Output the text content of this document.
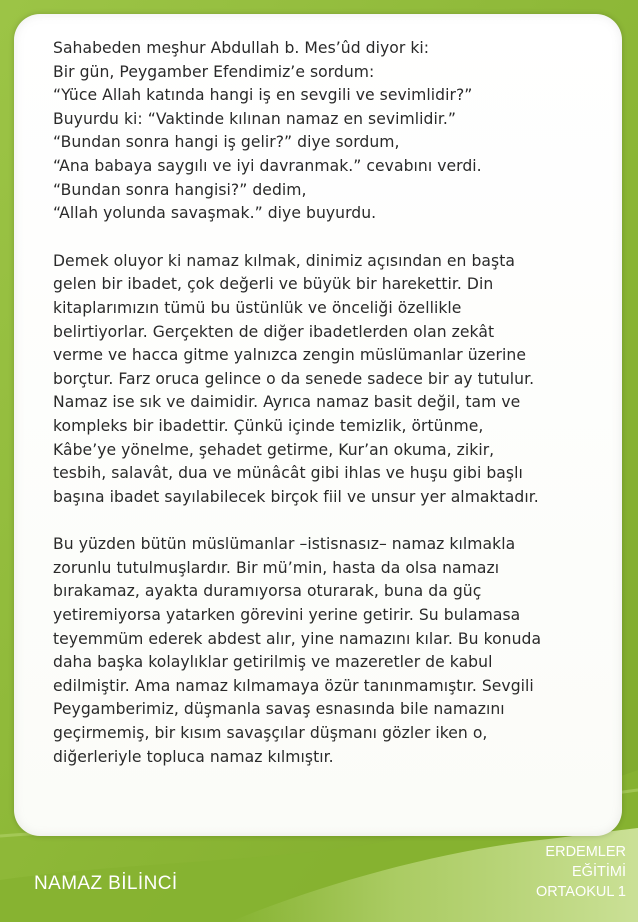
Sahabeden meşhur Abdullah b. Mes’ûd diyor ki:
Bir gün, Peygamber Efendimiz’e sordum:
“Yüce Allah katında hangi iş en sevgili ve sevimlidir?”
Buyurdu ki: “Vaktinde kılınan namaz en sevimlidir.”
“Bundan sonra hangi iş gelir?” diye sordum,
“Ana babaya saygılı ve iyi davranmak.” cevabını verdi.
“Bundan sonra hangisi?” dedim,
“Allah yolunda savaşmak.” diye buyurdu.

Demek oluyor ki namaz kılmak, dinimiz açısından en başta
gelen bir ibadet, çok değerli ve büyük bir harekettir. Din
kitaplarımızın tümü bu üstünlük ve önceliği özellikle
belirtiyorlar. Gerçekten de diğer ibadetlerden olan zekât
verme ve hacca gitme yalnızca zengin müslümanlar üzerine
borçtur. Farz oruca gelince o da senede sadece bir ay tutulur.
Namaz ise sık ve daimidir. Ayrıca namaz basit değil, tam ve
kompleks bir ibadettir. Çünkü içinde temizlik, örtünme,
Kâbe’ye yönelme, şehadet getirme, Kur’an okuma, zikir,
tesbih, salavât, dua ve münâcât gibi ihlas ve huşu gibi başlı
başına ibadet sayılabilecek birçok fiil ve unsur yer almaktadır.

Bu yüzden bütün müslümanlar –istisnasız– namaz kılmakla
zorunlu tutulmuşlardır. Bir mü’min, hasta da olsa namazı
bırakamaz, ayakta duramıyorsa oturarak, buna da güç
yetiremiyorsa yatarken görevini yerine getirir. Su bulamasa
teyemmüm ederek abdest alır, yine namazını kılar. Bu konuda
daha başka kolaylıklar getirilmiş ve mazeretler de kabul
edilmiştir. Ama namaz kılmamaya özür tanınmamıştır. Sevgili
Peygamberimiz, düşmanla savaş esnasında bile namazını
geçirmemiş, bir kısım savaşçılar düşmanı gözler iken o,
diğerleriyle topluca namaz kılmıştır.

NAMAZ BİLİNCİ
ERDEMLER
EĞİTİMİ
ORTAOKUL 1
